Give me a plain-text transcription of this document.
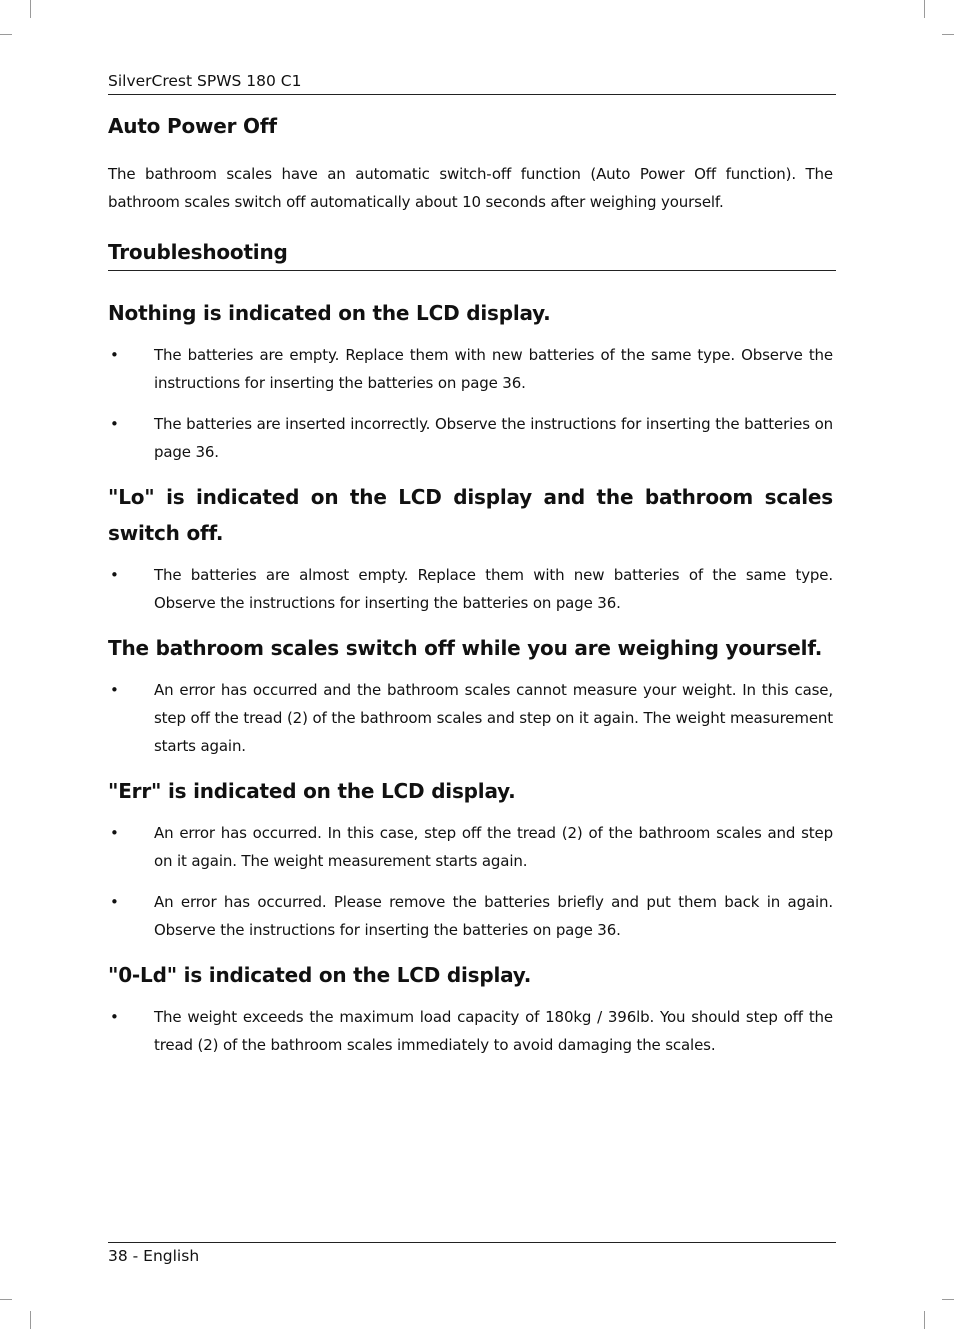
SilverCrest SPWS 180 C1
Auto Power Off

The bathroom scales have an automatic switch-off function (Auto Power Off function). The bathroom scales switch off automatically about 10 seconds after weighing yourself.

Troubleshooting
Nothing is indicated on the LCD display.
• The batteries are empty. Replace them with new batteries of the same type. Observe the instructions for inserting the batteries on page 36.
• The batteries are inserted incorrectly. Observe the instructions for inserting the batteries on page 36.
"Lo" is indicated on the LCD display and the bathroom scales
switch off.
• The batteries are almost empty. Replace them with new batteries of the same type. Observe the instructions for inserting the batteries on page 36.
The bathroom scales switch off while you are weighing yourself.
• An error has occurred and the bathroom scales cannot measure your weight. In this case, step off the tread (2) of the bathroom scales and step on it again. The weight measurement starts again.
"Err" is indicated on the LCD display.
• An error has occurred. In this case, step off the tread (2) of the bathroom scales and step on it again. The weight measurement starts again.
• An error has occurred. Please remove the batteries briefly and put them back in again. Observe the instructions for inserting the batteries on page 36.
"0-Ld" is indicated on the LCD display.
• The weight exceeds the maximum load capacity of 180kg / 396lb. You should step off the tread (2) of the bathroom scales immediately to avoid damaging the scales.
38 - English
